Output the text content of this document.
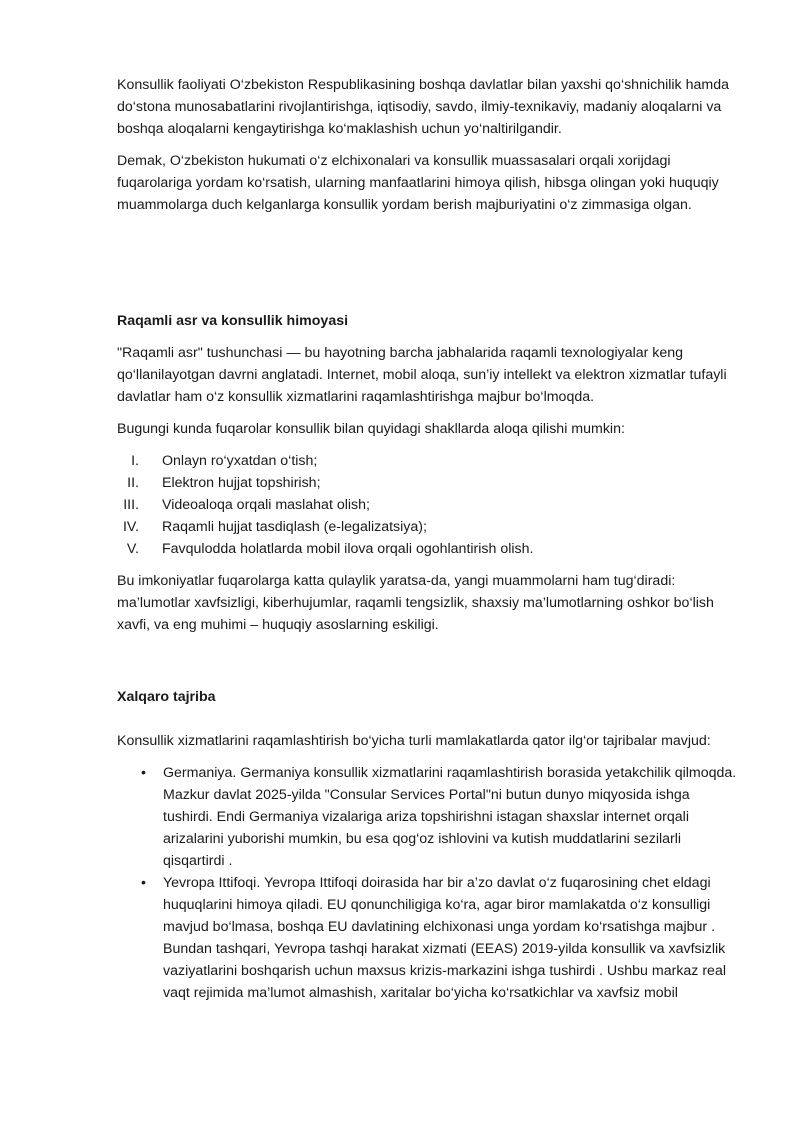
Konsullik faoliyati O‘zbekiston Respublikasining boshqa davlatlar bilan yaxshi qo‘shnichilik hamda do‘stona munosabatlarini rivojlantirishga, iqtisodiy, savdo, ilmiy-texnikaviy, madaniy aloqalarni va boshqa aloqalarni kengaytirishga ko‘maklashish uchun yo‘naltirilgandir.

Demak, O‘zbekiston hukumati o‘z elchixonalari va konsullik muassasalari orqali xorijdagi fuqarolariga yordam ko‘rsatish, ularning manfaatlarini himoya qilish, hibsga olingan yoki huquqiy muammolarga duch kelganlarga konsullik yordam berish majburiyatini o‘z zimmasiga olgan.

Raqamli asr va konsullik himoyasi

"Raqamli asr" tushunchasi — bu hayotning barcha jabhalarida raqamli texnologiyalar keng qo‘llanilayotgan davrni anglatadi. Internet, mobil aloqa, sun’iy intellekt va elektron xizmatlar tufayli davlatlar ham o‘z konsullik xizmatlarini raqamlashtirishga majbur bo‘lmoqda.

Bugungi kunda fuqarolar konsullik bilan quyidagi shakllarda aloqa qilishi mumkin:

I. Onlayn ro‘yxatdan o‘tish;
II. Elektron hujjat topshirish;
III. Videoaloqa orqali maslahat olish;
IV. Raqamli hujjat tasdiqlash (e-legalizatsiya);
V. Favqulodda holatlarda mobil ilova orqali ogohlantirish olish.

Bu imkoniyatlar fuqarolarga katta qulaylik yaratsa-da, yangi muammolarni ham tug‘diradi: ma’lumotlar xavfsizligi, kiberhujumlar, raqamli tengsizlik, shaxsiy ma’lumotlarning oshkor bo‘lish xavfi, va eng muhimi – huquqiy asoslarning eskiligi.

Xalqaro tajriba

Konsullik xizmatlarini raqamlashtirish bo‘yicha turli mamlakatlarda qator ilg‘or tajribalar mavjud:

•	Germaniya. Germaniya konsullik xizmatlarini raqamlashtirish borasida yetakchilik qilmoqda. Mazkur davlat 2025-yilda "Consular Services Portal"ni butun dunyo miqyosida ishga tushirdi. Endi Germaniya vizalariga ariza topshirishni istagan shaxslar internet orqali arizalarini yuborishi mumkin, bu esa qog‘oz ishlovini va kutish muddatlarini sezilarli qisqartirdi .
•	Yevropa Ittifoqi. Yevropa Ittifoqi doirasida har bir a’zo davlat o‘z fuqarosining chet eldagi huquqlarini himoya qiladi. EU qonunchiligiga ko‘ra, agar biror mamlakatda o‘z konsulligi mavjud bo‘lmasa, boshqa EU davlatining elchixonasi unga yordam ko‘rsatishga majbur . Bundan tashqari, Yevropa tashqi harakat xizmati (EEAS) 2019-yilda konsullik va xavfsizlik vaziyatlarini boshqarish uchun maxsus krizis-markazini ishga tushirdi . Ushbu markaz real vaqt rejimida ma’lumot almashish, xaritalar bo‘yicha ko‘rsatkichlar va xavfsiz mobil
